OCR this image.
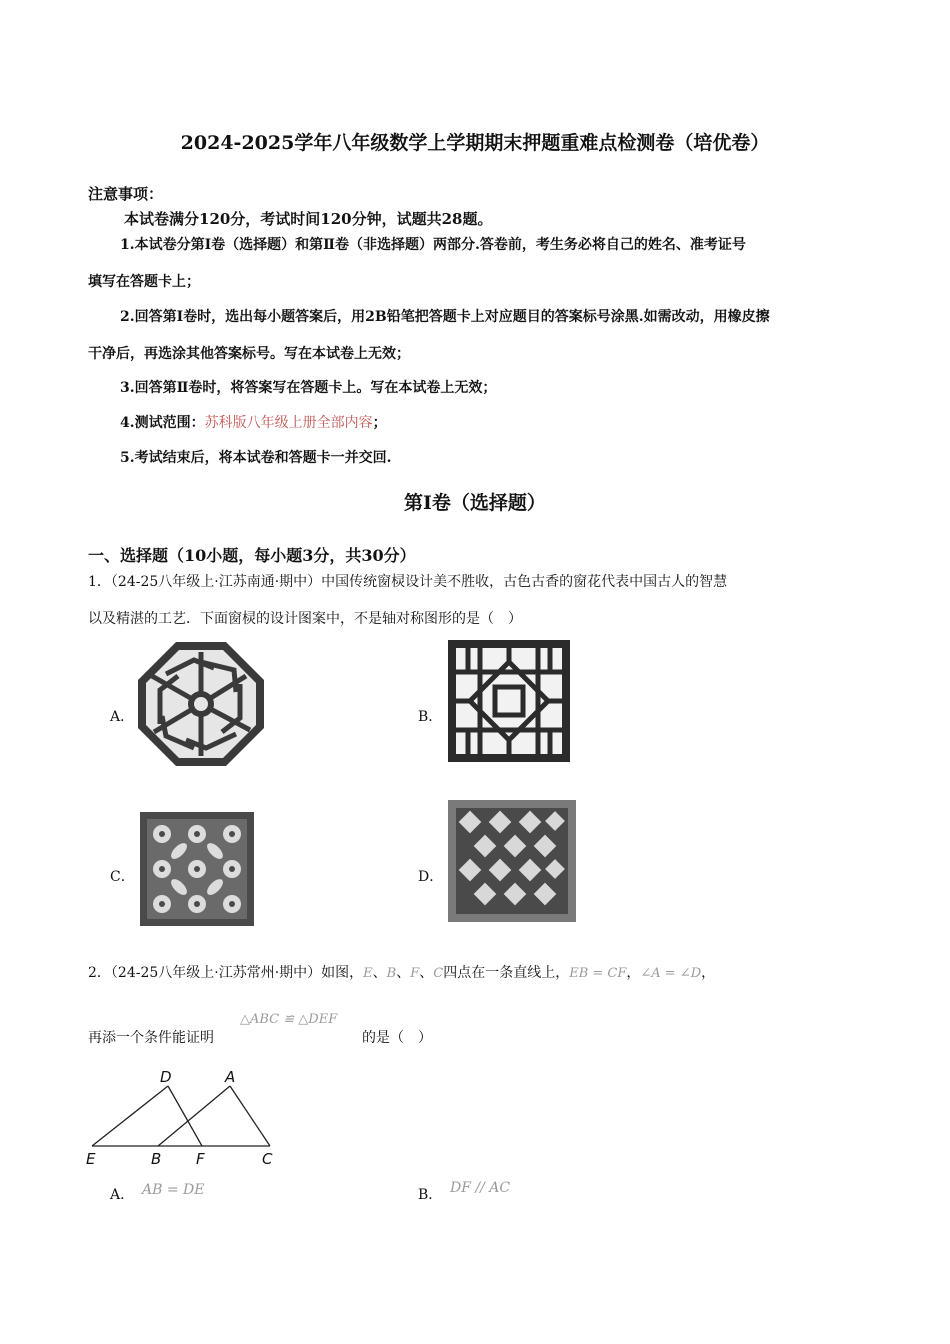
2024-2025学年八年级数学上学期期末押题重难点检测卷（培优卷）
注意事项：
本试卷满分120分，考试时间120分钟，试题共28题。
1.本试卷分第Ⅰ卷（选择题）和第Ⅱ卷（非选择题）两部分.答卷前，考生务必将自己的姓名、准考证号
填写在答题卡上；
2.回答第Ⅰ卷时，选出每小题答案后，用2B铅笔把答题卡上对应题目的答案标号涂黑.如需改动，用橡皮擦
干净后，再选涂其他答案标号。写在本试卷上无效；
3.回答第Ⅱ卷时，将答案写在答题卡上。写在本试卷上无效；
4.测试范围：苏科版八年级上册全部内容；
5.考试结束后，将本试卷和答题卡一并交回.
第I卷（选择题）
一、选择题（10小题，每小题3分，共30分）
1．（24-25八年级上·江苏南通·期中）中国传统窗棂设计美不胜收，古色古香的窗花代表中国古人的智慧
以及精湛的工艺．下面窗棂的设计图案中，不是轴对称图形的是（　）
A．	B．
C．	D．
2．（24-25八年级上·江苏常州·期中）如图，E、B、F、C四点在一条直线上，EB = CF，∠A = ∠D，
再添一个条件能证明
△ABC ≌ △DEF
的是（　）
D	A
E	B F	C
A． AB = DE	B． DF // AC
